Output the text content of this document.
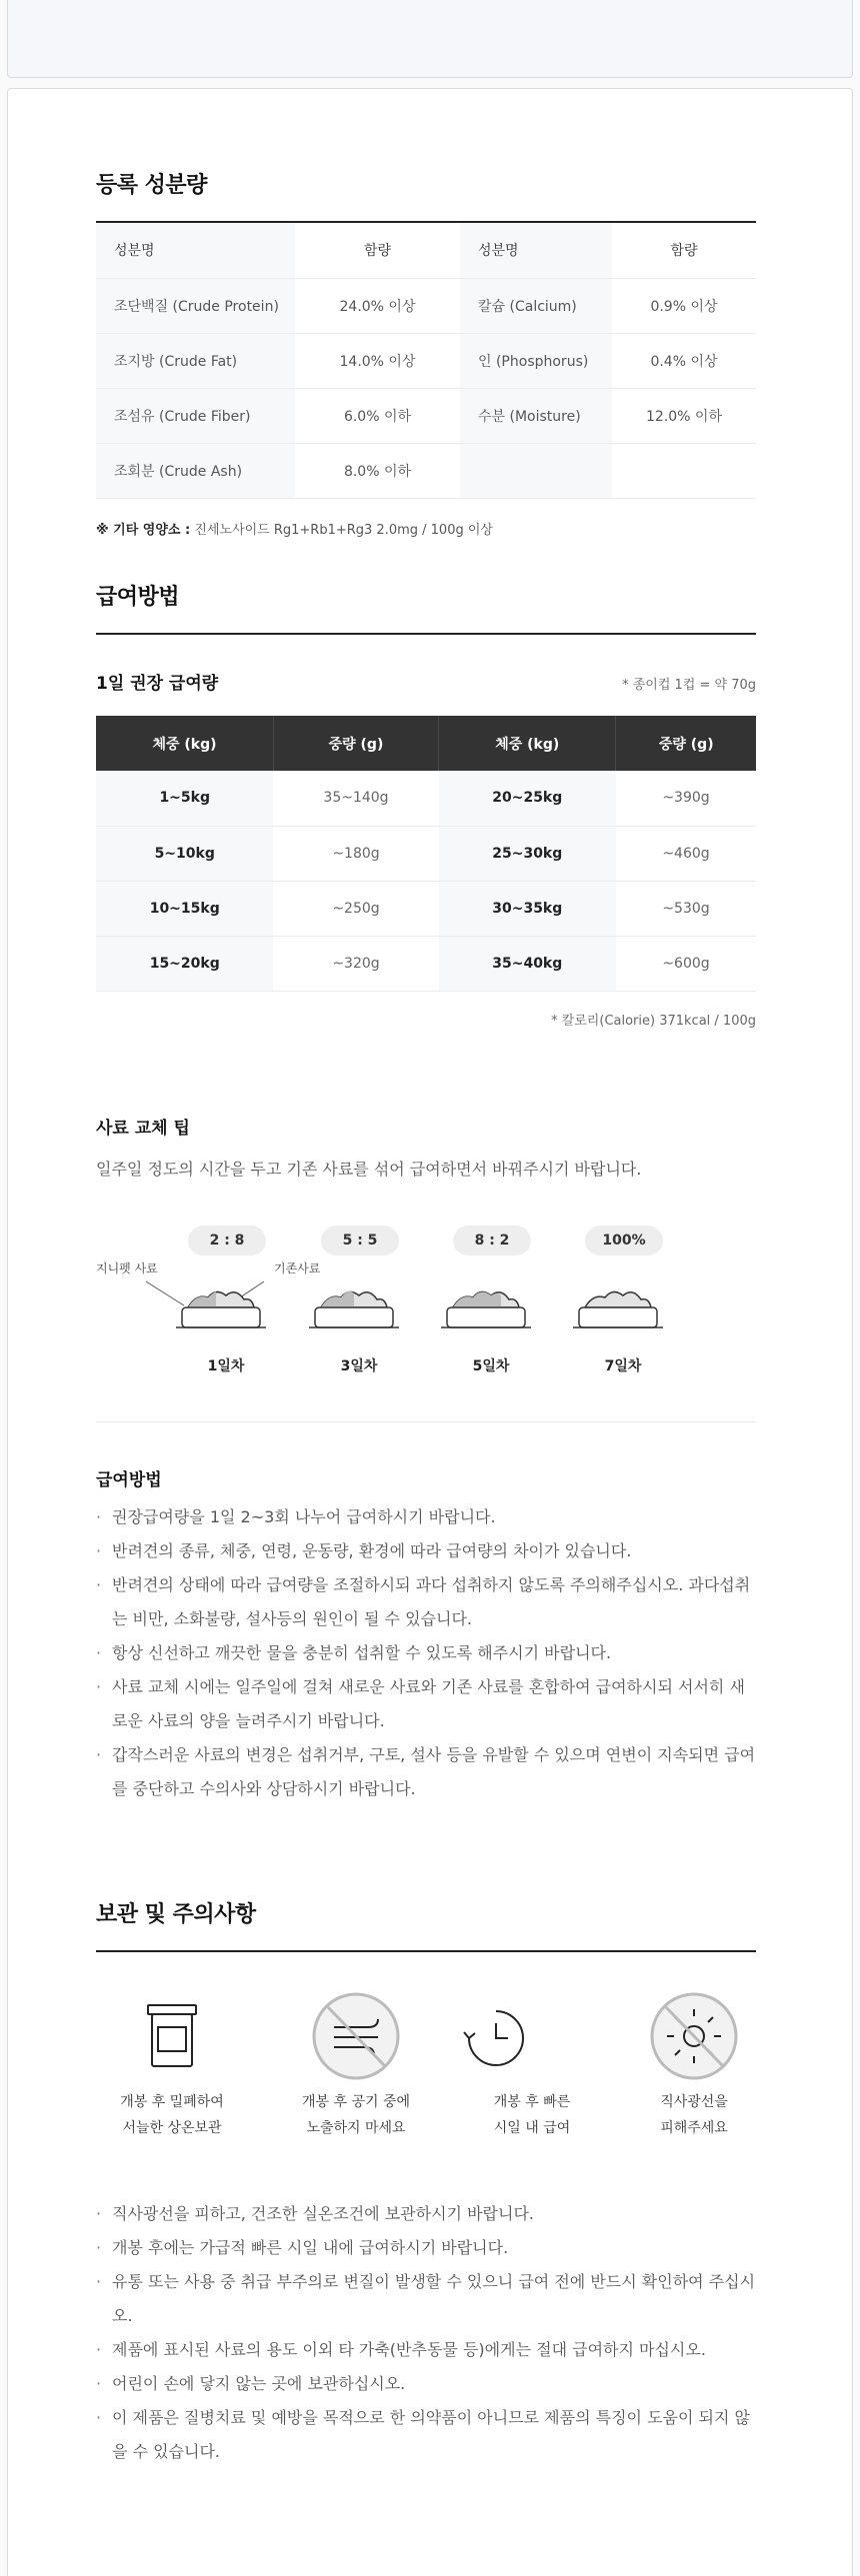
등록 성분량
성분명	함량	성분명	함량
조단백질 (Crude Protein)	24.0% 이상	칼슘 (Calcium)	0.9% 이상
조지방 (Crude Fat)	14.0% 이상	인 (Phosphorus)	0.4% 이상
조섬유 (Crude Fiber)	6.0% 이하	수분 (Moisture)	12.0% 이하
조회분 (Crude Ash)	8.0% 이하		
※ 기타 영양소 : 진세노사이드 Rg1+Rb1+Rg3 2.0mg / 100g 이상
급여방법
1일 권장 급여량	* 종이컵 1컵 = 약 70g
체중 (kg)	중량 (g)	체중 (kg)	중량 (g)
1~5kg	35~140g	20~25kg	~390g
5~10kg	~180g	25~30kg	~460g
10~15kg	~250g	30~35kg	~530g
15~20kg	~320g	35~40kg	~600g
* 칼로리(Calorie) 371kcal / 100g
사료 교체 팁
일주일 정도의 시간을 두고 기존 사료를 섞어 급여하면서 바꿔주시기 바랍니다.
2 : 8	5 : 5	8 : 2	100%
지니펫 사료	기존사료
1일차	3일차	5일차	7일차
급여방법
· 권장급여량을 1일 2~3회 나누어 급여하시기 바랍니다.
· 반려견의 종류, 체중, 연령, 운동량, 환경에 따라 급여량의 차이가 있습니다.
· 반려견의 상태에 따라 급여량을 조절하시되 과다 섭취하지 않도록 주의해주십시오. 과다섭취는 비만, 소화불량, 설사등의 원인이 될 수 있습니다.
· 항상 신선하고 깨끗한 물을 충분히 섭취할 수 있도록 해주시기 바랍니다.
· 사료 교체 시에는 일주일에 걸쳐 새로운 사료와 기존 사료를 혼합하여 급여하시되 서서히 새로운 사료의 양을 늘려주시기 바랍니다.
· 갑작스러운 사료의 변경은 섭취거부, 구토, 설사 등을 유발할 수 있으며 연변이 지속되면 급여를 중단하고 수의사와 상담하시기 바랍니다.
보관 및 주의사항
개봉 후 밀폐하여
서늘한 상온보관
개봉 후 공기 중에
노출하지 마세요
개봉 후 빠른
시일 내 급여
직사광선을
피해주세요
· 직사광선을 피하고, 건조한 실온조건에 보관하시기 바랍니다.
· 개봉 후에는 가급적 빠른 시일 내에 급여하시기 바랍니다.
· 유통 또는 사용 중 취급 부주의로 변질이 발생할 수 있으니 급여 전에 반드시 확인하여 주십시오.
· 제품에 표시된 사료의 용도 이외 타 가축(반추동물 등)에게는 절대 급여하지 마십시오.
· 어린이 손에 닿지 않는 곳에 보관하십시오.
· 이 제품은 질병치료 및 예방을 목적으로 한 의약품이 아니므로 제품의 특징이 도움이 되지 않을 수 있습니다.
